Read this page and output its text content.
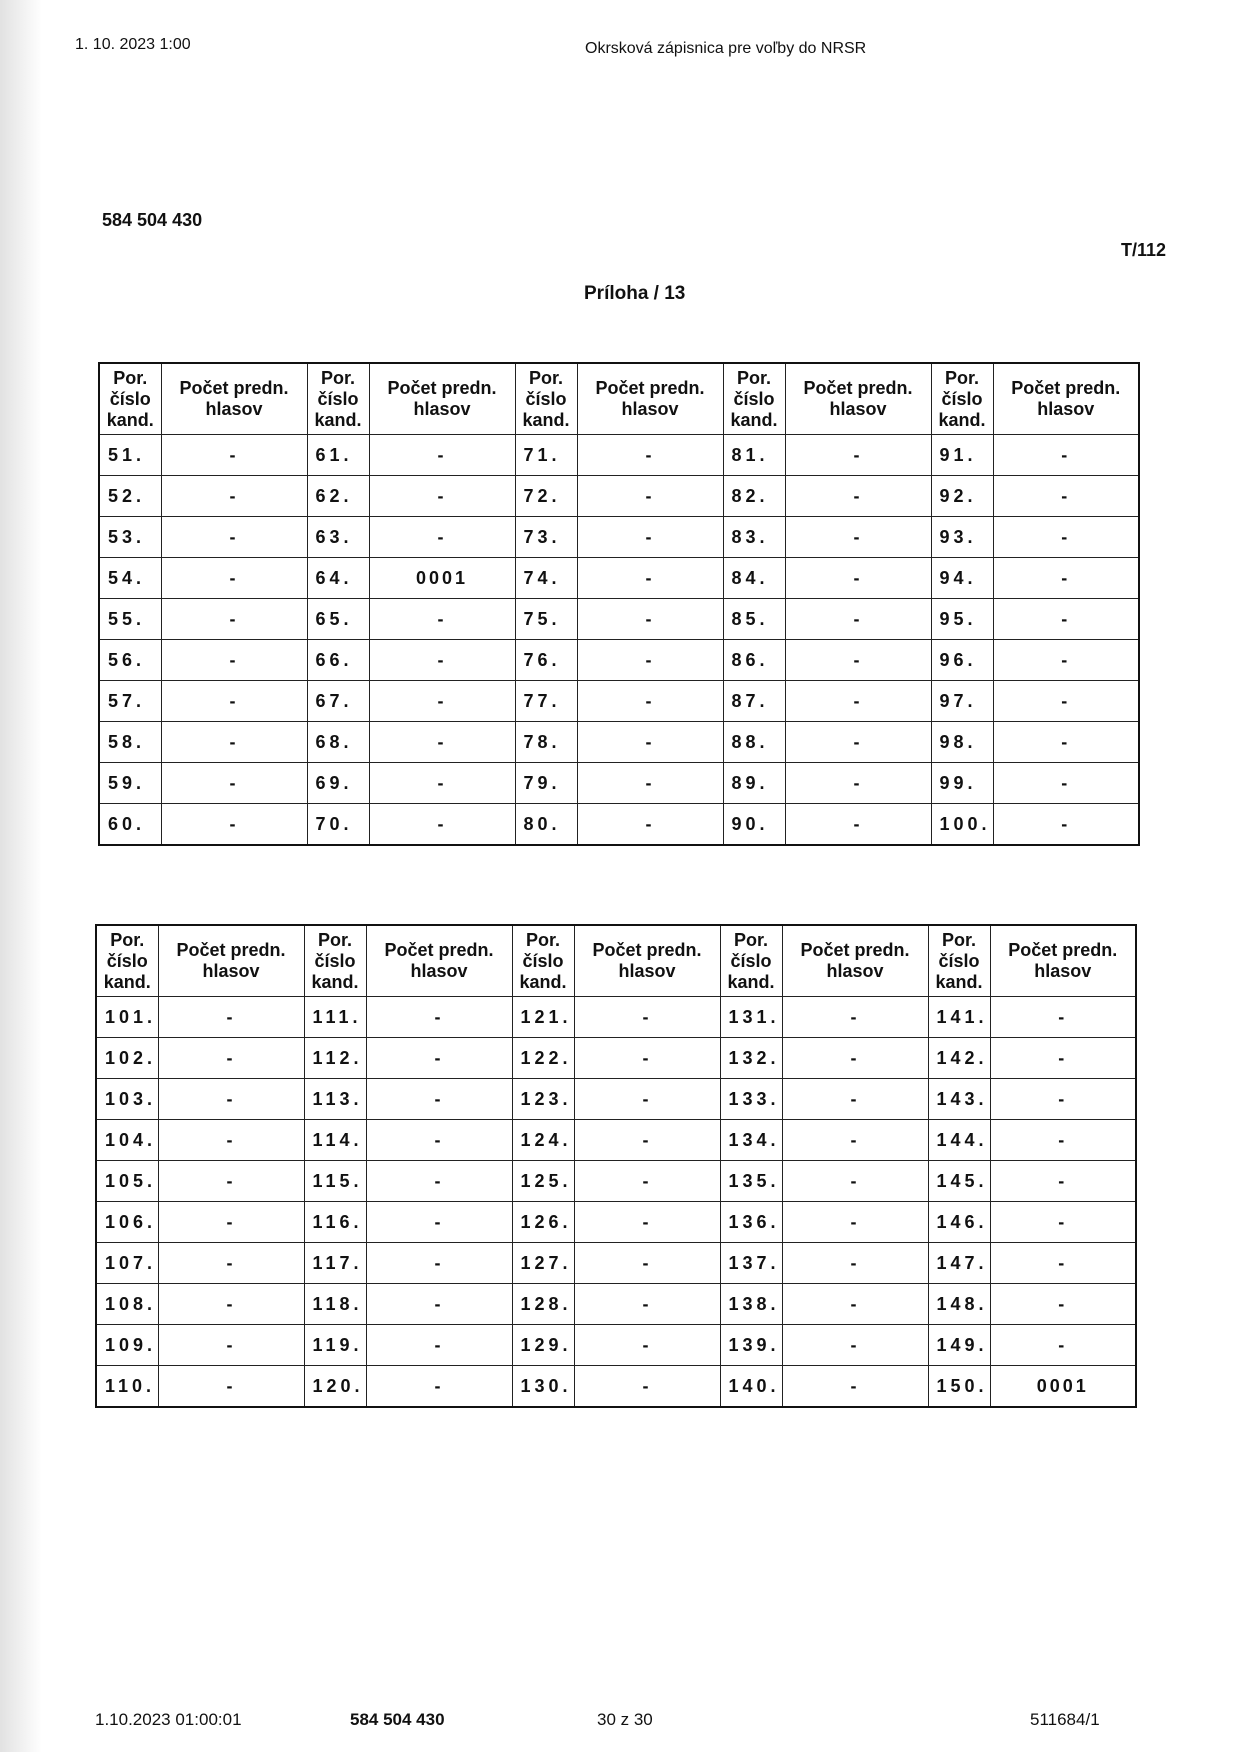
1. 10. 2023 1:00	Okrsková zápisnica pre voľby do NRSR
584 504 430
T/112
Príloha / 13
Por.
číslo
kand.	Počet predn.
hlasov	Por.
číslo
kand.	Počet predn.
hlasov	Por.
číslo
kand.	Počet predn.
hlasov	Por.
číslo
kand.	Počet predn.
hlasov	Por.
číslo
kand.	Počet predn.
hlasov
51.	-	61.	-	71.	-	81.	-	91.	-
52.	-	62.	-	72.	-	82.	-	92.	-
53.	-	63.	-	73.	-	83.	-	93.	-
54.	-	64.	0001	74.	-	84.	-	94.	-
55.	-	65.	-	75.	-	85.	-	95.	-
56.	-	66.	-	76.	-	86.	-	96.	-
57.	-	67.	-	77.	-	87.	-	97.	-
58.	-	68.	-	78.	-	88.	-	98.	-
59.	-	69.	-	79.	-	89.	-	99.	-
60.	-	70.	-	80.	-	90.	-	100.	-
Por.
číslo
kand.	Počet predn.
hlasov	Por.
číslo
kand.	Počet predn.
hlasov	Por.
číslo
kand.	Počet predn.
hlasov	Por.
číslo
kand.	Počet predn.
hlasov	Por.
číslo
kand.	Počet predn.
hlasov
101.	-	111.	-	121.	-	131.	-	141.	-
102.	-	112.	-	122.	-	132.	-	142.	-
103.	-	113.	-	123.	-	133.	-	143.	-
104.	-	114.	-	124.	-	134.	-	144.	-
105.	-	115.	-	125.	-	135.	-	145.	-
106.	-	116.	-	126.	-	136.	-	146.	-
107.	-	117.	-	127.	-	137.	-	147.	-
108.	-	118.	-	128.	-	138.	-	148.	-
109.	-	119.	-	129.	-	139.	-	149.	-
110.	-	120.	-	130.	-	140.	-	150.	0001
1.10.2023 01:00:01	584 504 430	30 z 30	511684/1
